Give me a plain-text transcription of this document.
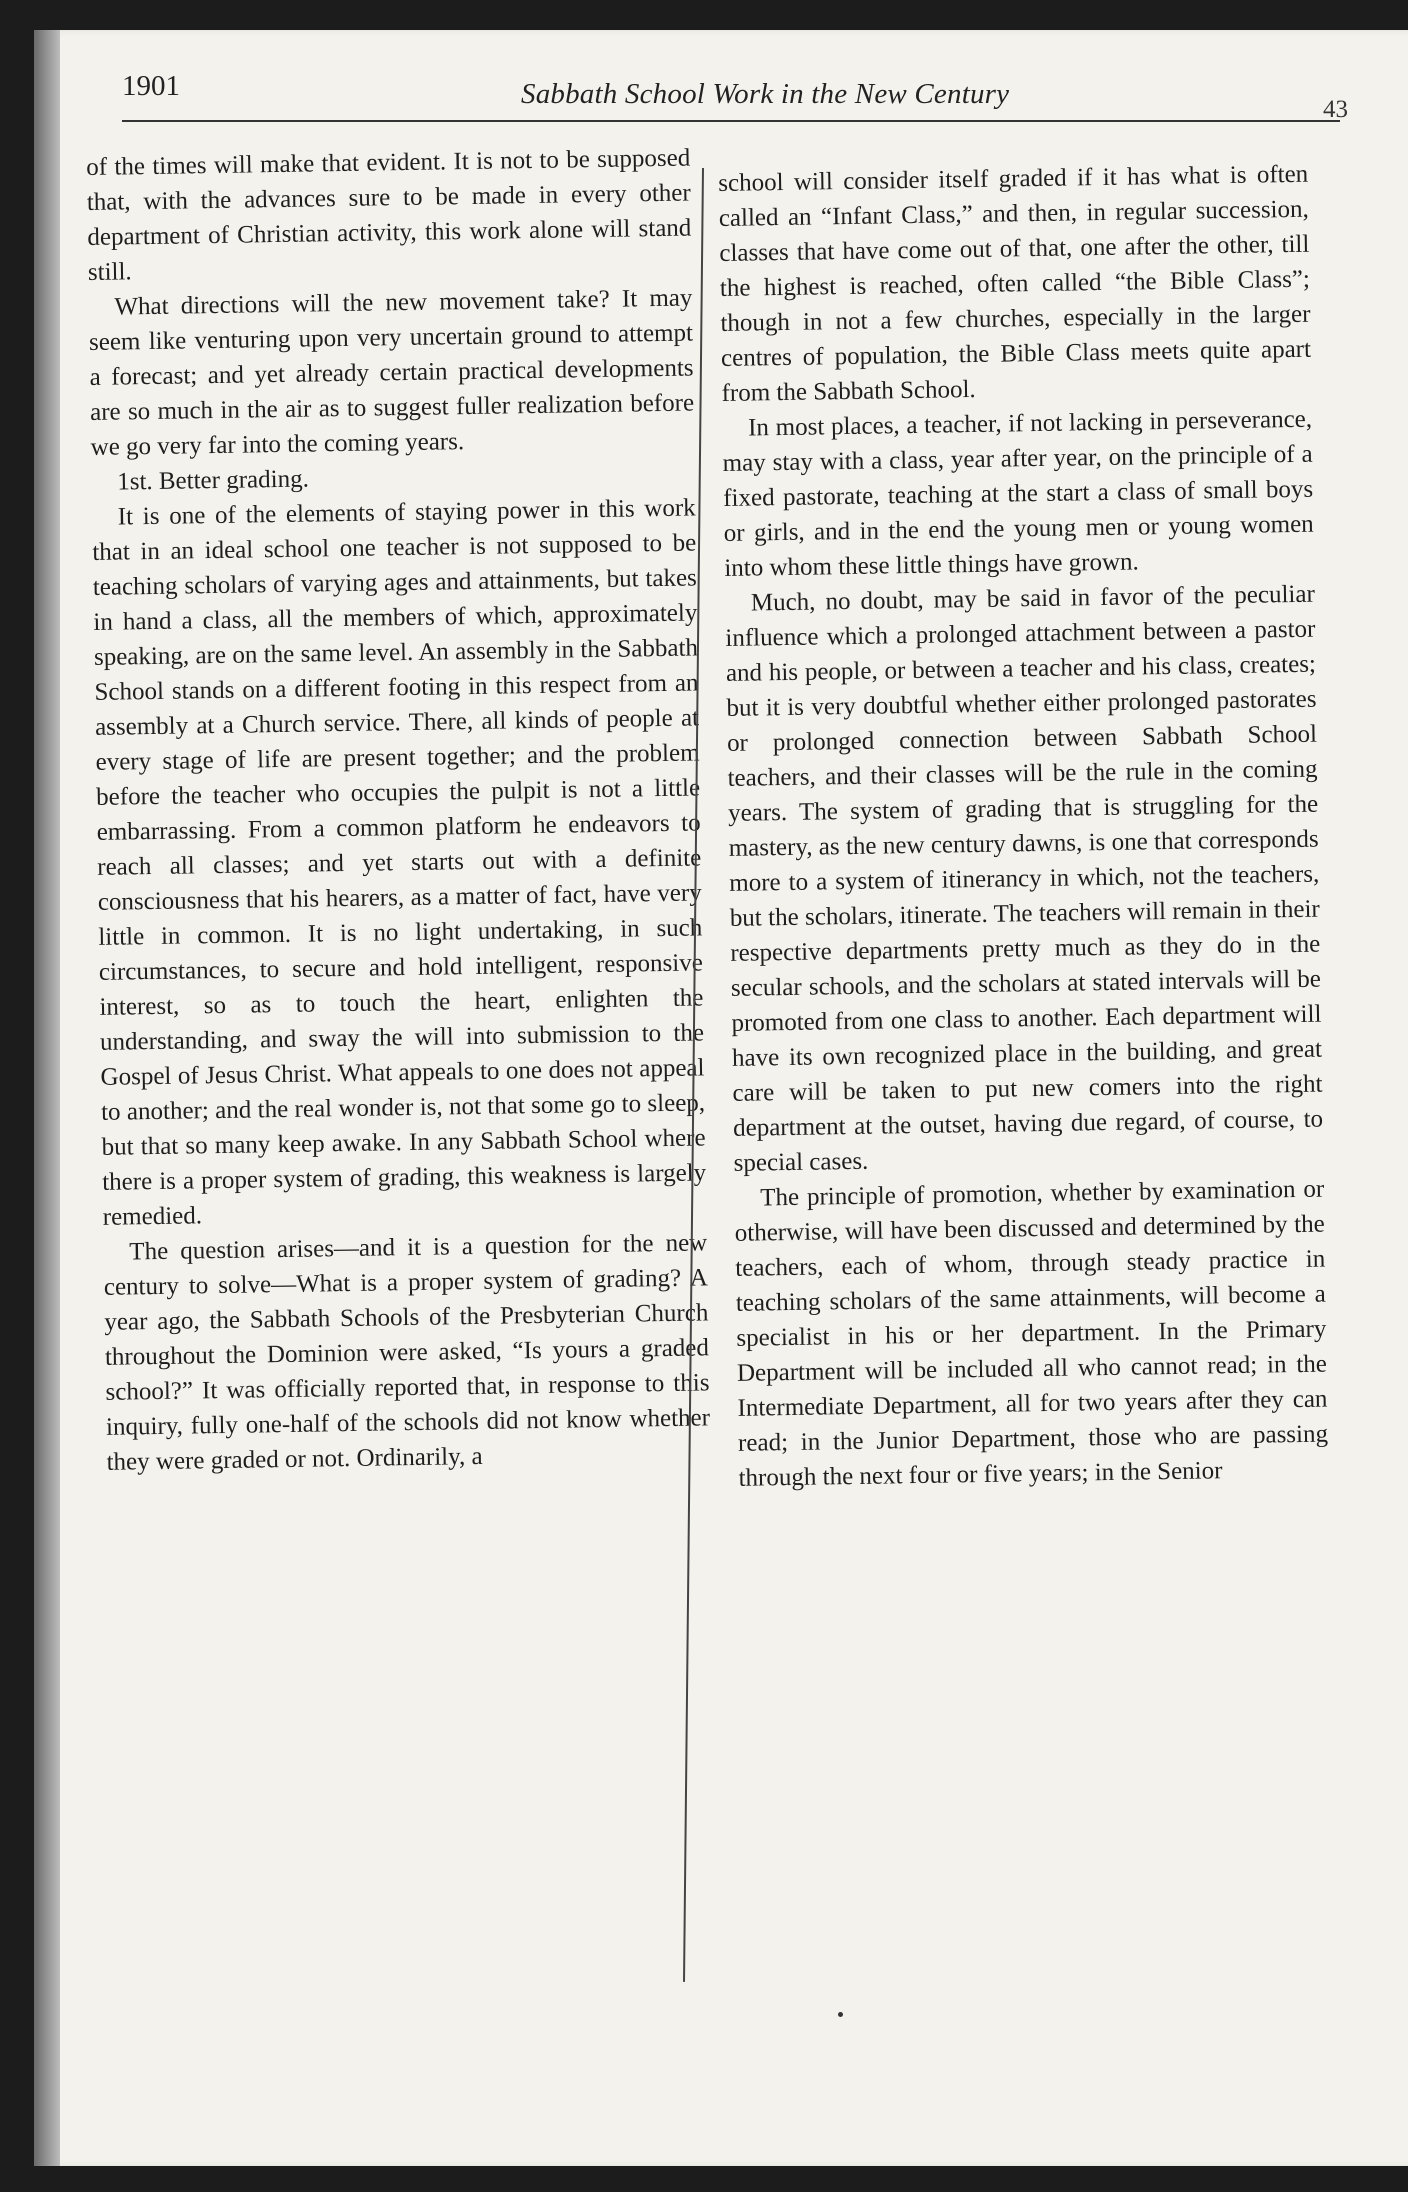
1901	Sabbath School Work in the New Century	43

of the times will make that evident. It is not to be supposed that, with the advances sure to be made in every other department of Christian activity, this work alone will stand still.

What directions will the new movement take? It may seem like venturing upon very uncertain ground to attempt a forecast; and yet already certain practical developments are so much in the air as to suggest fuller realization before we go very far into the coming years.

1st. Better grading.

It is one of the elements of staying power in this work that in an ideal school one teacher is not supposed to be teaching scholars of varying ages and attainments, but takes in hand a class, all the members of which, approximately speaking, are on the same level. An assembly in the Sabbath School stands on a different footing in this respect from an assembly at a Church service. There, all kinds of people at every stage of life are present together; and the problem before the teacher who occupies the pulpit is not a little embarrassing. From a common platform he endeavors to reach all classes; and yet starts out with a definite consciousness that his hearers, as a matter of fact, have very little in common. It is no light undertaking, in such circumstances, to secure and hold intelligent, responsive interest, so as to touch the heart, enlighten the understanding, and sway the will into submission to the Gospel of Jesus Christ. What appeals to one does not appeal to another; and the real wonder is, not that some go to sleep, but that so many keep awake. In any Sabbath School where there is a proper system of grading, this weakness is largely remedied.

The question arises—and it is a question for the new century to solve—What is a proper system of grading? A year ago, the Sabbath Schools of the Presbyterian Church throughout the Dominion were asked, “Is yours a graded school?” It was officially reported that, in response to this inquiry, fully one-half of the schools did not know whether they were graded or not. Ordinarily, a

school will consider itself graded if it has what is often called an “Infant Class,” and then, in regular succession, classes that have come out of that, one after the other, till the highest is reached, often called “the Bible Class”; though in not a few churches, especially in the larger centres of population, the Bible Class meets quite apart from the Sabbath School.

In most places, a teacher, if not lacking in perseverance, may stay with a class, year after year, on the principle of a fixed pastorate, teaching at the start a class of small boys or girls, and in the end the young men or young women into whom these little things have grown.

Much, no doubt, may be said in favor of the peculiar influence which a prolonged attachment between a pastor and his people, or between a teacher and his class, creates; but it is very doubtful whether either prolonged pastorates or prolonged connection between Sabbath School teachers, and their classes will be the rule in the coming years. The system of grading that is struggling for the mastery, as the new century dawns, is one that corresponds more to a system of itinerancy in which, not the teachers, but the scholars, itinerate. The teachers will remain in their respective departments pretty much as they do in the secular schools, and the scholars at stated intervals will be promoted from one class to another. Each department will have its own recognized place in the building, and great care will be taken to put new comers into the right department at the outset, having due regard, of course, to special cases.

The principle of promotion, whether by examination or otherwise, will have been discussed and determined by the teachers, each of whom, through steady practice in teaching scholars of the same attainments, will become a specialist in his or her department. In the Primary Department will be included all who cannot read; in the Intermediate Department, all for two years after they can read; in the Junior Department, those who are passing through the next four or five years; in the Senior
